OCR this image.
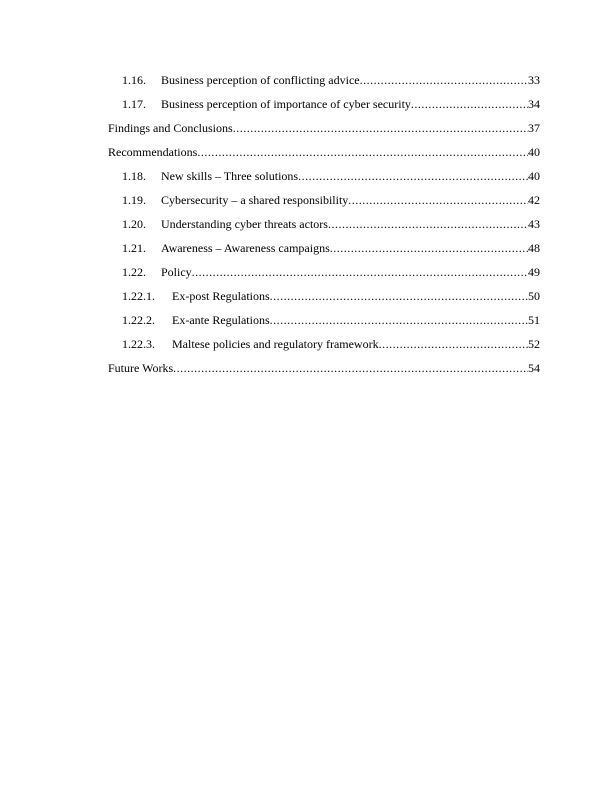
1.16.	Business perception of conflicting advice .....	33
1.17.	Business perception of importance of cyber security .....	34
Findings and Conclusions .....	37
Recommendations .....	40
1.18.	New skills – Three solutions .....	40
1.19.	Cybersecurity – a shared responsibility .....	42
1.20.	Understanding cyber threats actors .....	43
1.21.	Awareness – Awareness campaigns .....	48
1.22.	Policy .....	49
1.22.1.	Ex-post Regulations .....	50
1.22.2.	Ex-ante Regulations .....	51
1.22.3.	Maltese policies and regulatory framework .....	52
Future Works .....	54
